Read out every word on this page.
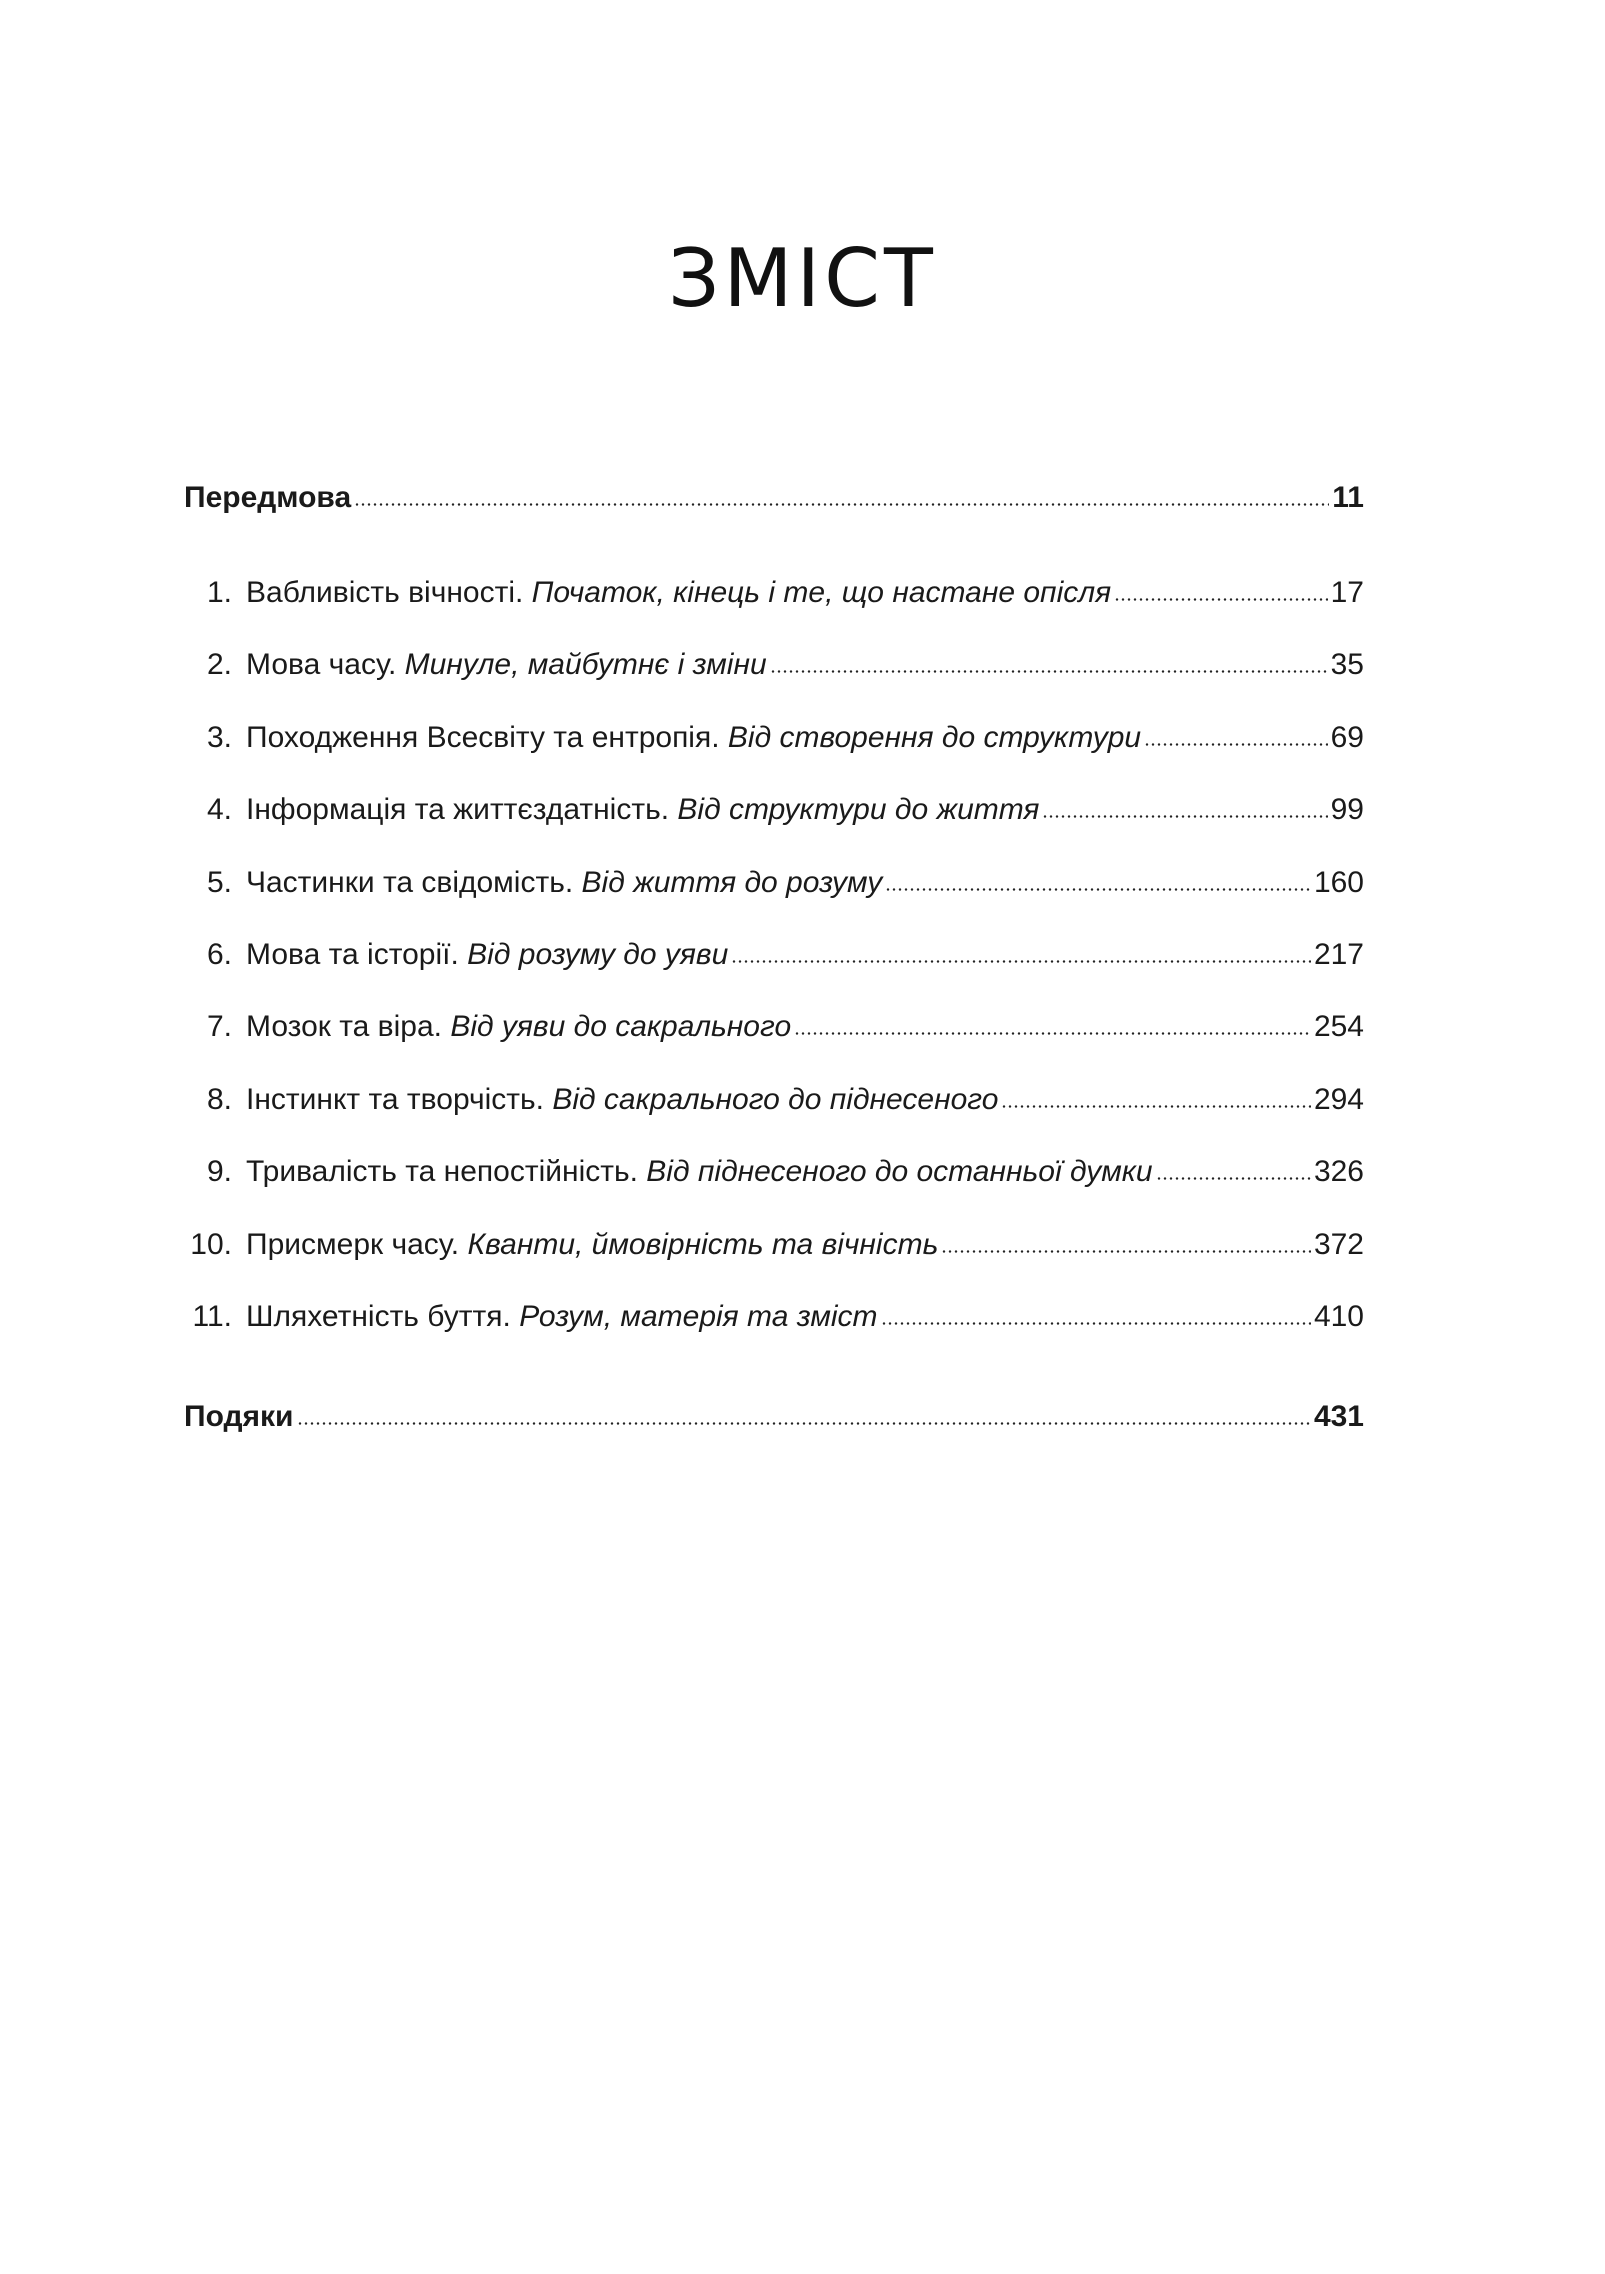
ЗМІСТ
Передмова	11
1. Вабливість вічності. Початок, кінець і те, що настане опісля	17
2. Мова часу. Минуле, майбутнє і зміни	35
3. Походження Всесвіту та ентропія. Від створення до структури	69
4. Інформація та життєздатність. Від структури до життя	99
5. Частинки та свідомість. Від життя до розуму	160
6. Мова та історії. Від розуму до уяви	217
7. Мозок та віра. Від уяви до сакрального	254
8. Інстинкт та творчість. Від сакрального до піднесеного	294
9. Тривалість та непостійність. Від піднесеного до останньої думки	326
10. Присмерк часу. Кванти, ймовірність та вічність	372
11. Шляхетність буття. Розум, матерія та зміст	410
Подяки	431
